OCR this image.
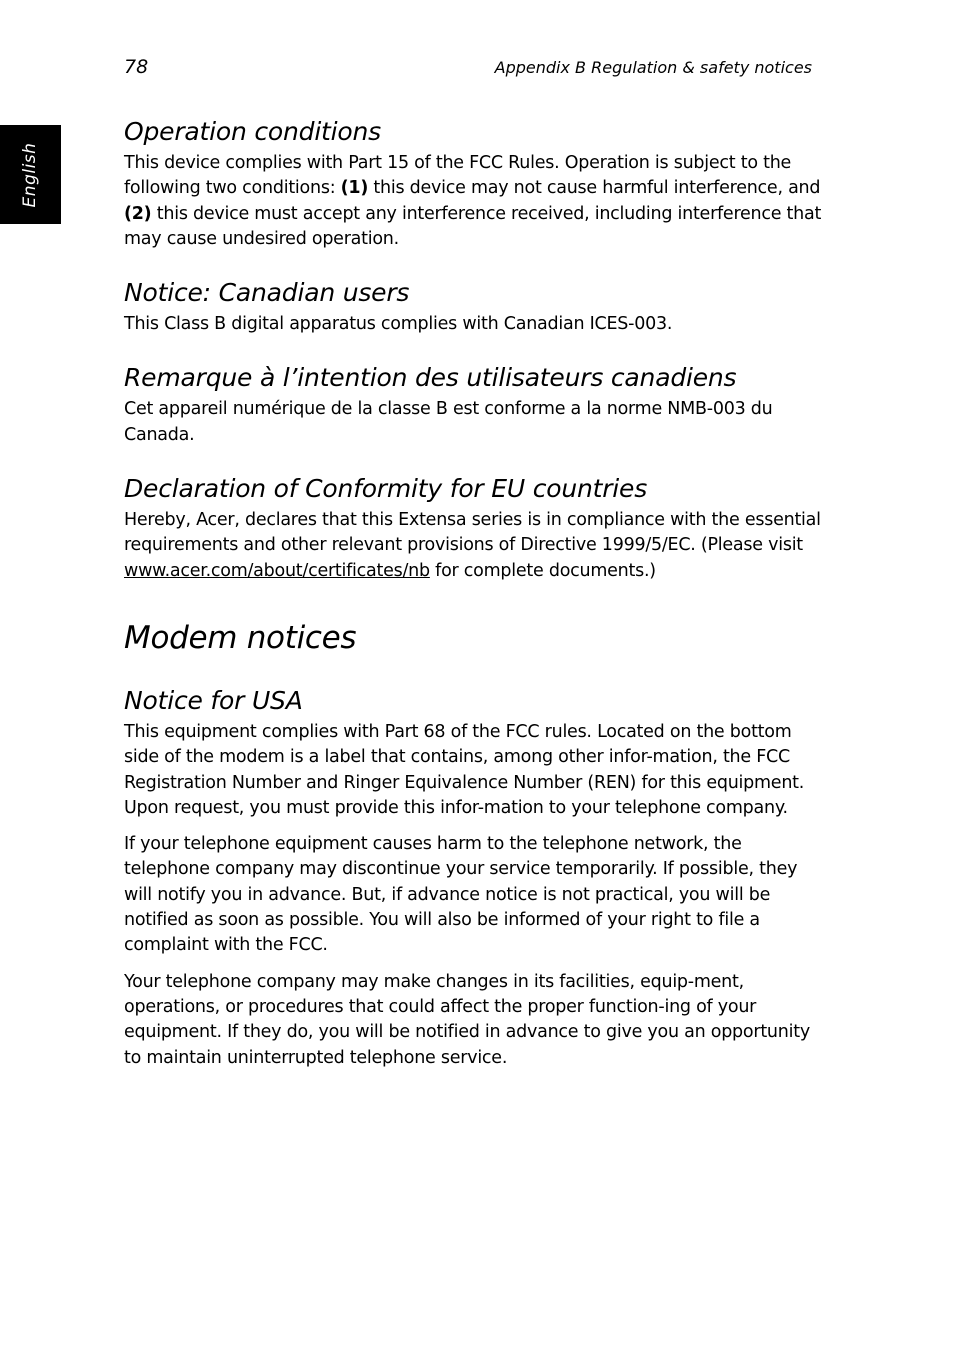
78	Appendix B Regulation & safety notices
English
Operation conditions

This device complies with Part 15 of the FCC Rules. Operation is subject to the following two conditions: (1) this device may not cause harmful interference, and (2) this device must accept any interference received, including interference that may cause undesired operation.

Notice: Canadian users

This Class B digital apparatus complies with Canadian ICES-003.

Remarque à l’intention des utilisateurs canadiens

Cet appareil numérique de la classe B est conforme a la norme NMB-003 du Canada.

Declaration of Conformity for EU countries

Hereby, Acer, declares that this Extensa series is in compliance with the essential requirements and other relevant provisions of Directive 1999/5/EC. (Please visit www.acer.com/about/certificates/nb for complete documents.)

Modem notices
Notice for USA

This equipment complies with Part 68 of the FCC rules. Located on the bottom side of the modem is a label that contains, among other infor-mation, the FCC Registration Number and Ringer Equivalence Number (REN) for this equipment. Upon request, you must provide this infor-mation to your telephone company.

If your telephone equipment causes harm to the telephone network, the telephone company may discontinue your service temporarily. If possible, they will notify you in advance. But, if advance notice is not practical, you will be notified as soon as possible. You will also be informed of your right to file a complaint with the FCC.

Your telephone company may make changes in its facilities, equip-ment, operations, or procedures that could affect the proper function-ing of your equipment. If they do, you will be notified in advance to give you an opportunity to maintain uninterrupted telephone service.
